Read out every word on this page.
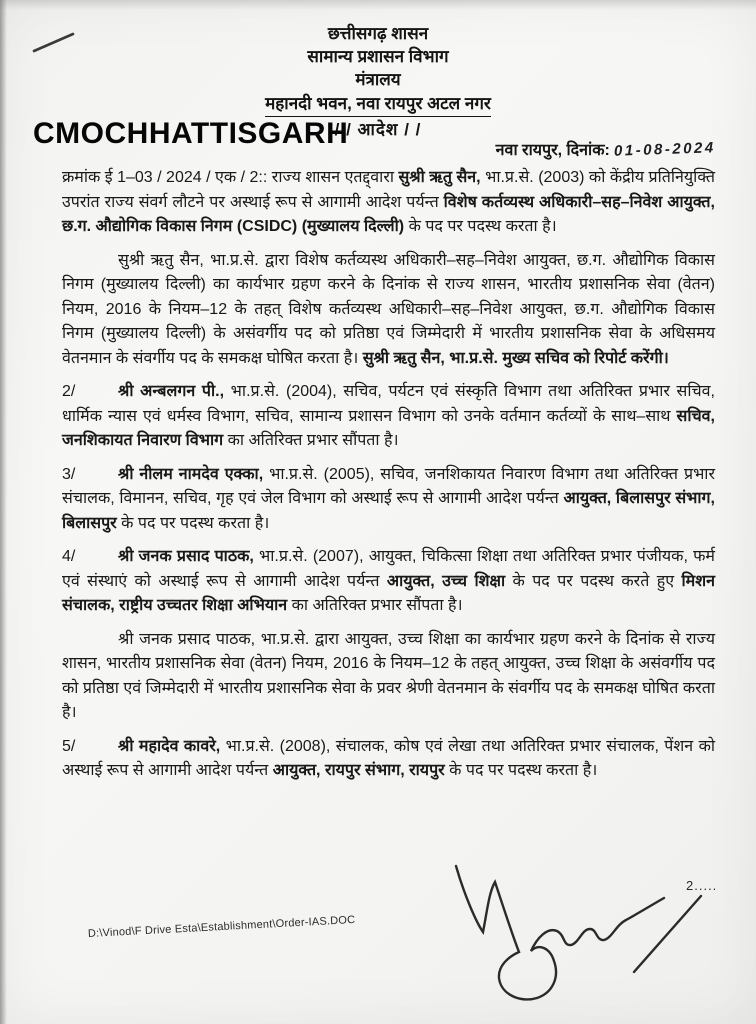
छत्तीसगढ़ शासन
सामान्य प्रशासन विभाग
मंत्रालय
महानदी भवन, नवा रायपुर अटल नगर
/ / आदेश / /
CMOCHHATTISGARH
नवा रायपुर, दिनांक: 01-08-2024

क्रमांक ई 1–03 / 2024 / एक / 2:: राज्य शासन एतद्द्वारा सुश्री ऋतु सैन, भा.प्र.से. (2003) को केंद्रीय प्रतिनियुक्ति उपरांत राज्य संवर्ग लौटने पर अस्थाई रूप से आगामी आदेश पर्यन्त विशेष कर्तव्यस्थ अधिकारी–सह–निवेश आयुक्त, छ.ग. औद्योगिक विकास निगम (CSIDC) (मुख्यालय दिल्ली) के पद पर पदस्थ करता है।

सुश्री ऋतु सैन, भा.प्र.से. द्वारा विशेष कर्तव्यस्थ अधिकारी–सह–निवेश आयुक्त, छ.ग. औद्योगिक विकास निगम (मुख्यालय दिल्ली) का कार्यभार ग्रहण करने के दिनांक से राज्य शासन, भारतीय प्रशासनिक सेवा (वेतन) नियम, 2016 के नियम–12 के तहत् विशेष कर्तव्यस्थ अधिकारी–सह–निवेश आयुक्त, छ.ग. औद्योगिक विकास निगम (मुख्यालय दिल्ली) के असंवर्गीय पद को प्रतिष्ठा एवं जिम्मेदारी में भारतीय प्रशासनिक सेवा के अधिसमय वेतनमान के संवर्गीय पद के समकक्ष घोषित करता है। सुश्री ऋतु सैन, भा.प्र.से. मुख्य सचिव को रिपोर्ट करेंगी।

2/	श्री अन्बलगन पी., भा.प्र.से. (2004), सचिव, पर्यटन एवं संस्कृति विभाग तथा अतिरिक्त प्रभार सचिव, धार्मिक न्यास एवं धर्मस्व विभाग, सचिव, सामान्य प्रशासन विभाग को उनके वर्तमान कर्तव्यों के साथ–साथ सचिव, जनशिकायत निवारण विभाग का अतिरिक्त प्रभार सौंपता है।

3/	श्री नीलम नामदेव एक्का, भा.प्र.से. (2005), सचिव, जनशिकायत निवारण विभाग तथा अतिरिक्त प्रभार संचालक, विमानन, सचिव, गृह एवं जेल विभाग को अस्थाई रूप से आगामी आदेश पर्यन्त आयुक्त, बिलासपुर संभाग, बिलासपुर के पद पर पदस्थ करता है।

4/	श्री जनक प्रसाद पाठक, भा.प्र.से. (2007), आयुक्त, चिकित्सा शिक्षा तथा अतिरिक्त प्रभार पंजीयक, फर्म एवं संस्थाएं को अस्थाई रूप से आगामी आदेश पर्यन्त आयुक्त, उच्च शिक्षा के पद पर पदस्थ करते हुए मिशन संचालक, राष्ट्रीय उच्चतर शिक्षा अभियान का अतिरिक्त प्रभार सौंपता है।

श्री जनक प्रसाद पाठक, भा.प्र.से. द्वारा आयुक्त, उच्च शिक्षा का कार्यभार ग्रहण करने के दिनांक से राज्य शासन, भारतीय प्रशासनिक सेवा (वेतन) नियम, 2016 के नियम–12 के तहत् आयुक्त, उच्च शिक्षा के असंवर्गीय पद को प्रतिष्ठा एवं जिम्मेदारी में भारतीय प्रशासनिक सेवा के प्रवर श्रेणी वेतनमान के संवर्गीय पद के समकक्ष घोषित करता है।

5/	श्री महादेव कावरे, भा.प्र.से. (2008), संचालक, कोष एवं लेखा तथा अतिरिक्त प्रभार संचालक, पेंशन को अस्थाई रूप से आगामी आदेश पर्यन्त आयुक्त, रायपुर संभाग, रायपुर के पद पर पदस्थ करता है।

2.....
D:\Vinod\F Drive Esta\Establishment\Order-IAS.DOC
